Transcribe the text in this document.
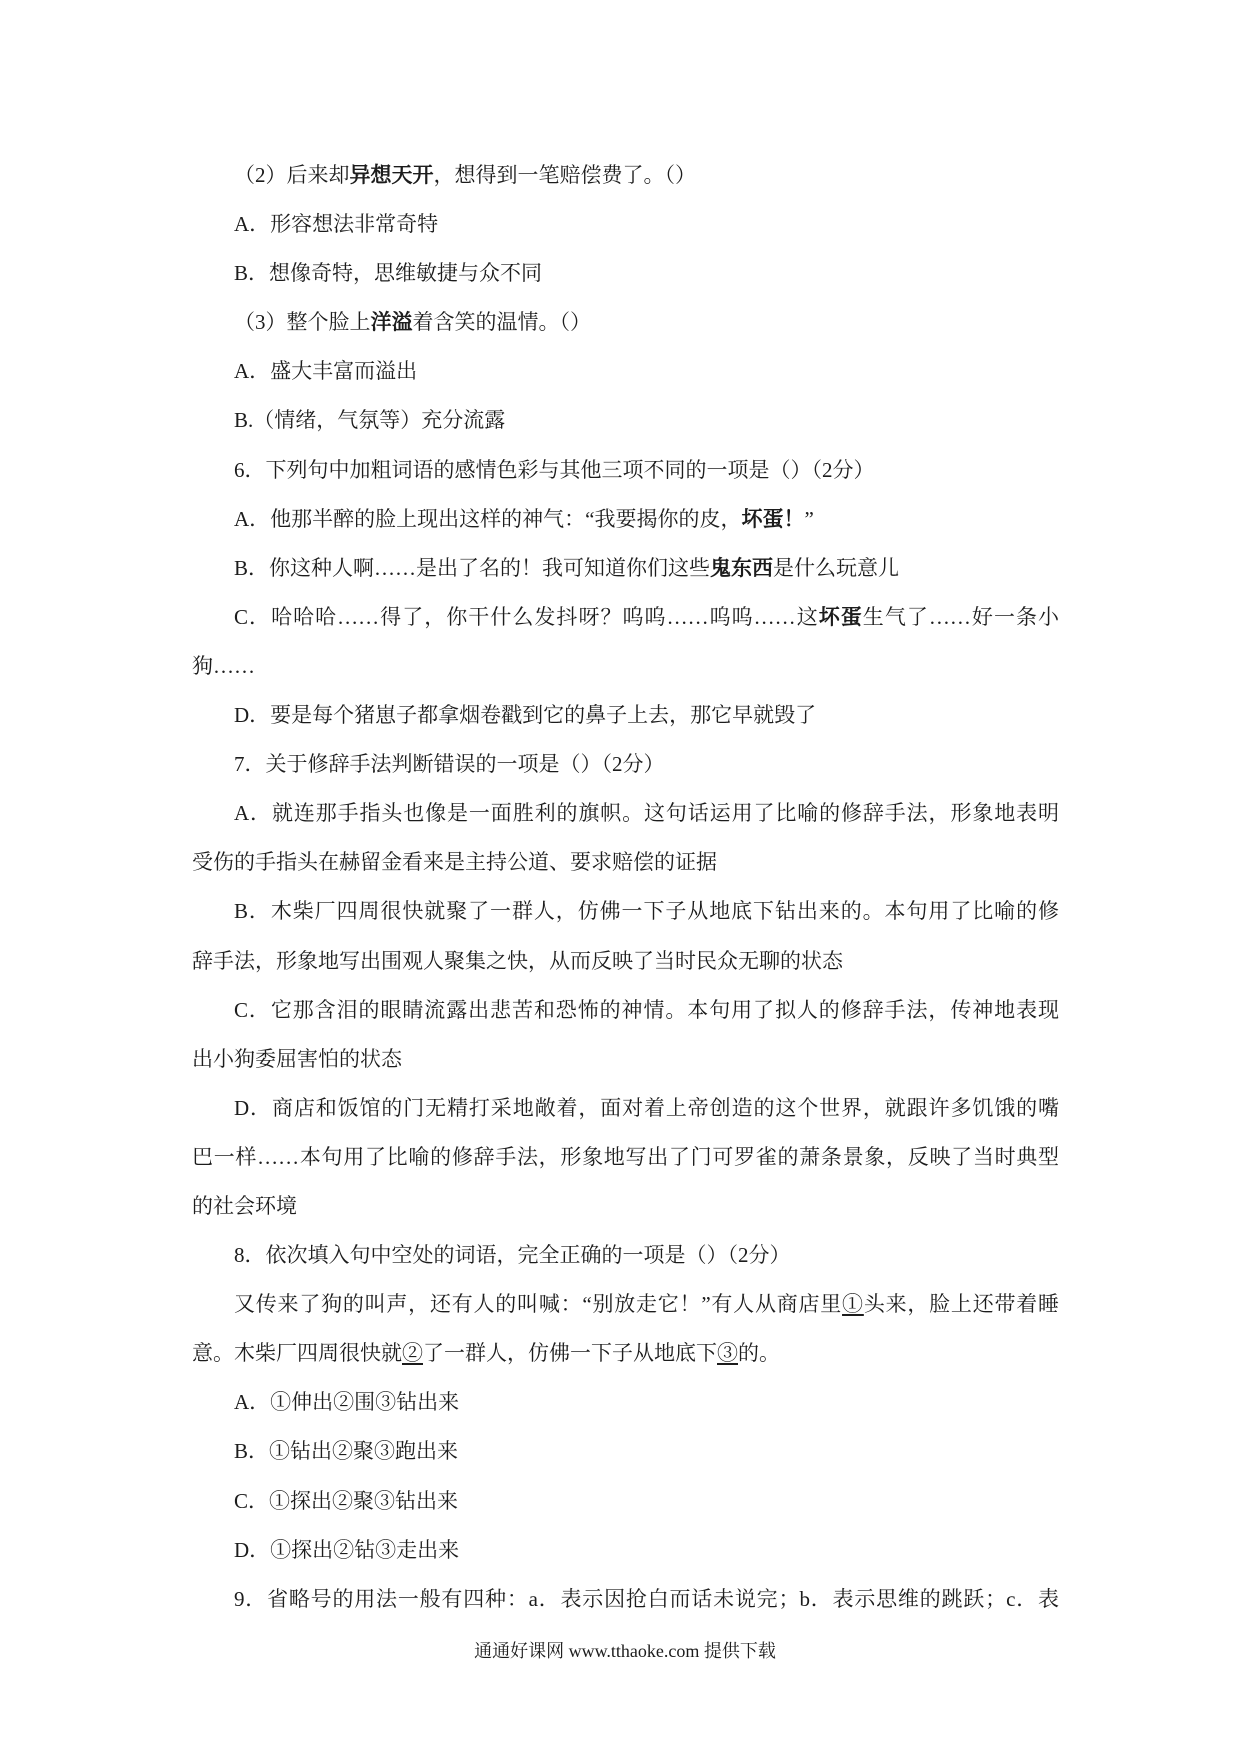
（2）后来却异想天开，想得到一笔赔偿费了。（）
A．形容想法非常奇特
B．想像奇特，思维敏捷与众不同
（3）整个脸上洋溢着含笑的温情。（）
A．盛大丰富而溢出
B.（情绪，气氛等）充分流露
6．下列句中加粗词语的感情色彩与其他三项不同的一项是（）（2分）
A．他那半醉的脸上现出这样的神气：“我要揭你的皮，坏蛋！”
B．你这种人啊……是出了名的！我可知道你们这些鬼东西是什么玩意儿
C．哈哈哈……得了，你干什么发抖呀？呜呜……呜呜……这坏蛋生气了……好一条小
狗……
D．要是每个猪崽子都拿烟卷戳到它的鼻子上去，那它早就毁了
7．关于修辞手法判断错误的一项是（）（2分）
A．就连那手指头也像是一面胜利的旗帜。这句话运用了比喻的修辞手法，形象地表明
受伤的手指头在赫留金看来是主持公道、要求赔偿的证据
B．木柴厂四周很快就聚了一群人，仿佛一下子从地底下钻出来的。本句用了比喻的修
辞手法，形象地写出围观人聚集之快，从而反映了当时民众无聊的状态
C．它那含泪的眼睛流露出悲苦和恐怖的神情。本句用了拟人的修辞手法，传神地表现
出小狗委屈害怕的状态
D．商店和饭馆的门无精打采地敞着，面对着上帝创造的这个世界，就跟许多饥饿的嘴
巴一样……本句用了比喻的修辞手法，形象地写出了门可罗雀的萧条景象，反映了当时典型
的社会环境
8．依次填入句中空处的词语，完全正确的一项是（）（2分）
又传来了狗的叫声，还有人的叫喊：“别放走它！”有人从商店里①头来，脸上还带着睡
意。木柴厂四周很快就②了一群人，仿佛一下子从地底下③的。
A．①伸出②围③钻出来
B．①钻出②聚③跑出来
C．①探出②聚③钻出来
D．①探出②钻③走出来
9．省略号的用法一般有四种：a．表示因抢白而话未说完；b．表示思维的跳跃；c．表
通通好课网 www.tthaoke.com 提供下载
